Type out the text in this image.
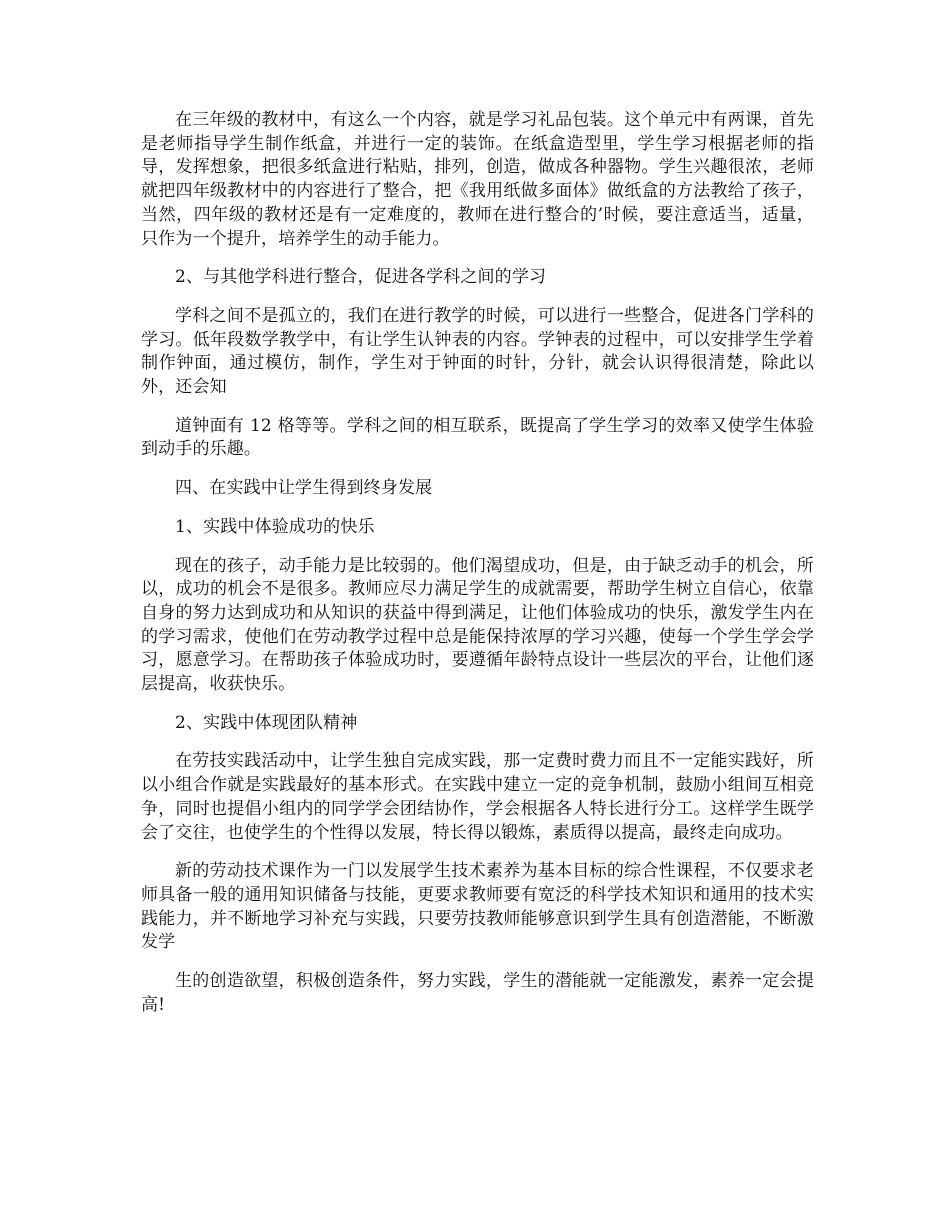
在三年级的教材中，有这么一个内容，就是学习礼品包装。这个单元中有两课，首先是老师指导学生制作纸盒，并进行一定的装饰。在纸盒造型里，学生学习根据老师的指导，发挥想象，把很多纸盒进行粘贴，排列，创造，做成各种器物。学生兴趣很浓，老师就把四年级教材中的内容进行了整合，把《我用纸做多面体》做纸盒的方法教给了孩子，当然，四年级的教材还是有一定难度的，教师在进行整合的’时候，要注意适当，适量，只作为一个提升，培养学生的动手能力。

2、与其他学科进行整合，促进各学科之间的学习

学科之间不是孤立的，我们在进行教学的时候，可以进行一些整合，促进各门学科的学习。低年段数学教学中，有让学生认钟表的内容。学钟表的过程中，可以安排学生学着制作钟面，通过模仿，制作，学生对于钟面的时针，分针，就会认识得很清楚，除此以外，还会知

道钟面有 12 格等等。学科之间的相互联系，既提高了学生学习的效率又使学生体验到动手的乐趣。

四、在实践中让学生得到终身发展

1、实践中体验成功的快乐

现在的孩子，动手能力是比较弱的。他们渴望成功，但是，由于缺乏动手的机会，所以，成功的机会不是很多。教师应尽力满足学生的成就需要，帮助学生树立自信心，依靠自身的努力达到成功和从知识的获益中得到满足，让他们体验成功的快乐，激发学生内在的学习需求，使他们在劳动教学过程中总是能保持浓厚的学习兴趣，使每一个学生学会学习，愿意学习。在帮助孩子体验成功时，要遵循年龄特点设计一些层次的平台，让他们逐层提高，收获快乐。

2、实践中体现团队精神

在劳技实践活动中，让学生独自完成实践，那一定费时费力而且不一定能实践好，所以小组合作就是实践最好的基本形式。在实践中建立一定的竞争机制，鼓励小组间互相竞争，同时也提倡小组内的同学学会团结协作，学会根据各人特长进行分工。这样学生既学会了交往，也使学生的个性得以发展，特长得以锻炼，素质得以提高，最终走向成功。

新的劳动技术课作为一门以发展学生技术素养为基本目标的综合性课程，不仅要求老师具备一般的通用知识储备与技能，更要求教师要有宽泛的科学技术知识和通用的技术实践能力，并不断地学习补充与实践，只要劳技教师能够意识到学生具有创造潜能，不断激发学

生的创造欲望，积极创造条件，努力实践，学生的潜能就一定能激发，素养一定会提高!
